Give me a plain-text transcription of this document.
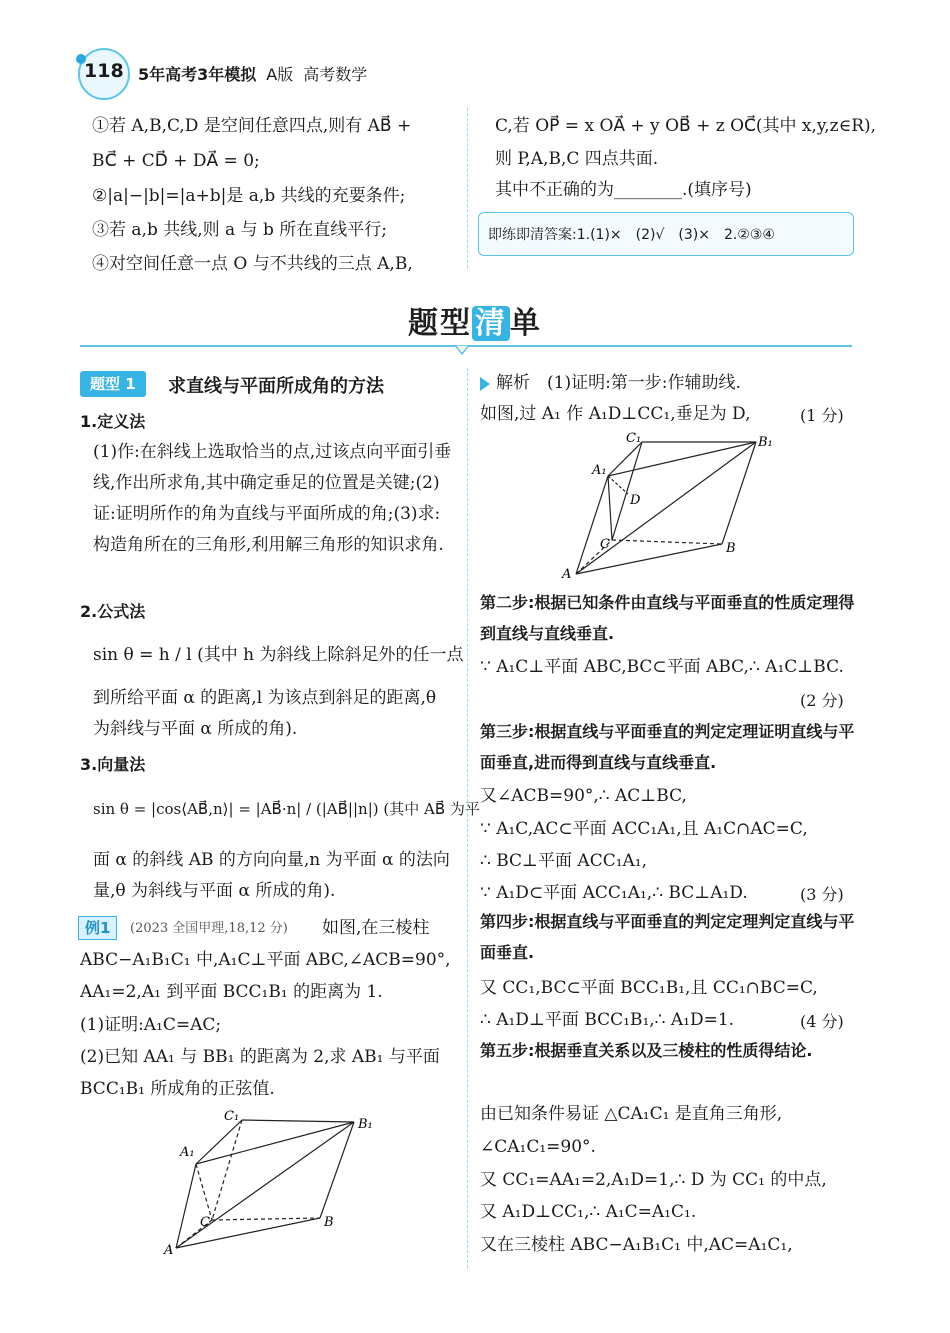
118 5年高考3年模拟 A版 高考数学
①若 A,B,C,D 是空间任意四点,则有 AB⃗ +
BC⃗ + CD⃗ + DA⃗ = 0;
②|a|−|b|=|a+b|是 a,b 共线的充要条件;
③若 a,b 共线,则 a 与 b 所在直线平行;
④对空间任意一点 O 与不共线的三点 A,B,
C,若 OP⃗ = x OA⃗ + y OB⃗ + z OC⃗(其中 x,y,z∈R),
则 P,A,B,C 四点共面.
其中不正确的为________.(填序号)
即练即清答案:1.(1)×　(2)√　(3)×　2.②③④
题型 清 单
题型 1	求直线与平面所成角的方法
1.定义法
(1)作:在斜线上选取恰当的点,过该点向平面引垂线,作出所求角,其中确定垂足的位置是关键;(2)证:证明所作的角为直线与平面所成的角;(3)求:构造角所在的三角形,利用解三角形的知识求角.
2.公式法
sin θ = h / l (其中 h 为斜线上除斜足外的任一点
到所给平面 α 的距离,l 为该点到斜足的距离,θ 为斜线与平面 α 所成的角).
3.向量法
sin θ = |cos⟨AB⃗,n⟩| = |AB⃗·n| / (|AB⃗||n|) (其中 AB⃗ 为平
面 α 的斜线 AB 的方向向量,n 为平面 α 的法向量,θ 为斜线与平面 α 所成的角).
例1	(2023 全国甲理,18,12 分) 如图,在三棱柱
ABC−A₁B₁C₁ 中,A₁C⊥平面 ABC,∠ACB=90°,
AA₁=2,A₁ 到平面 BCC₁B₁ 的距离为 1.
(1)证明:A₁C=AC;
(2)已知 AA₁ 与 BB₁ 的距离为 2,求 AB₁ 与平面
BCC₁B₁ 所成角的正弦值.
A
B
C
A₁
B₁
C₁
解析　 (1)证明:第一步:作辅助线.
如图,过 A₁ 作 A₁D⊥CC₁,垂足为 D,	(1 分)
A
B
C
A₁
B₁
C₁
D
第二步:根据已知条件由直线与平面垂直的性质定理得到直线与直线垂直.
∵ A₁C⊥平面 ABC,BC⊂平面 ABC,∴ A₁C⊥BC.
(2 分)
第三步:根据直线与平面垂直的判定定理证明直线与平面垂直,进而得到直线与直线垂直.
又∠ACB=90°,∴ AC⊥BC,
∵ A₁C,AC⊂平面 ACC₁A₁,且 A₁C∩AC=C,
∴ BC⊥平面 ACC₁A₁,
∵ A₁D⊂平面 ACC₁A₁,∴ BC⊥A₁D.	(3 分)
第四步:根据直线与平面垂直的判定定理判定直线与平面垂直.
又 CC₁,BC⊂平面 BCC₁B₁,且 CC₁∩BC=C,
∴ A₁D⊥平面 BCC₁B₁,∴ A₁D=1.	(4 分)
第五步:根据垂直关系以及三棱柱的性质得结论.
由已知条件易证 △CA₁C₁ 是直角三角形,
∠CA₁C₁=90°.
又 CC₁=AA₁=2,A₁D=1,∴ D 为 CC₁ 的中点,
又 A₁D⊥CC₁,∴ A₁C=A₁C₁.
又在三棱柱 ABC−A₁B₁C₁ 中,AC=A₁C₁,
